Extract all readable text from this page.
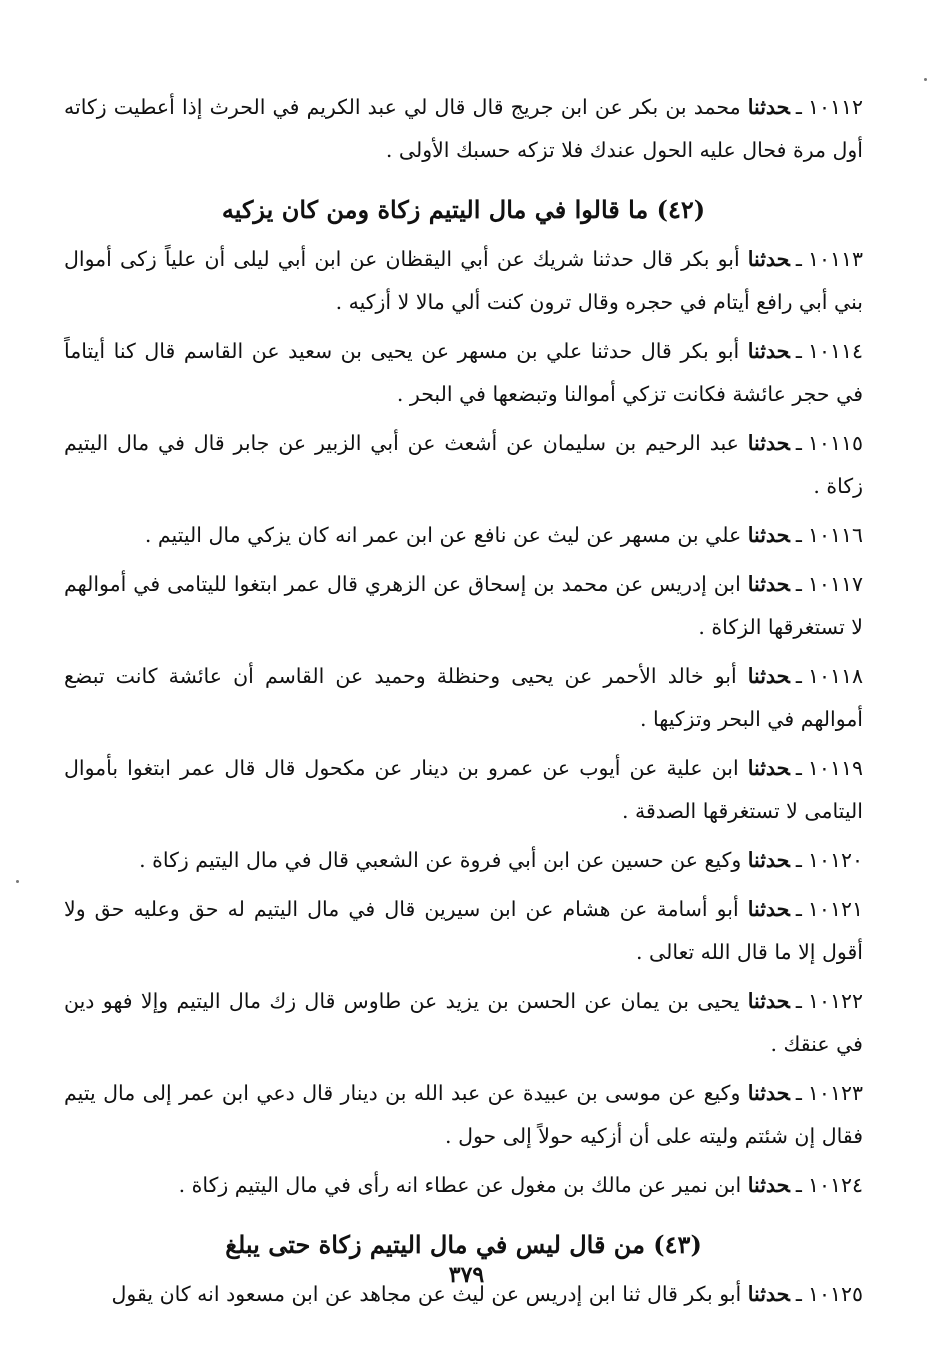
١٠١١٢ـحدثنا محمد بن بكر عن ابن جريج قال قال لي عبد الكريم في الحرث إذا أعطيت زكاته أول مرة فحال عليه الحول عندك فلا تزكه حسبك الأولى .

(٤٢) ما قالوا في مال اليتيم زكاة ومن كان يزكيه

١٠١١٣ـحدثنا أبو بكر قال حدثنا شريك عن أبي اليقظان عن ابن أبي ليلى أن علياً زكى أموال بني أبي رافع أيتام في حجره وقال ترون كنت ألي مالا لا أزكيه .

١٠١١٤ـحدثنا أبو بكر قال حدثنا علي بن مسهر عن يحيى بن سعيد عن القاسم قال كنا أيتاماً في حجر عائشة فكانت تزكي أموالنا وتبضعها في البحر .

١٠١١٥ـحدثنا عبد الرحيم بن سليمان عن أشعث عن أبي الزبير عن جابر قال في مال اليتيم زكاة .

١٠١١٦ـحدثنا علي بن مسهر عن ليث عن نافع عن ابن عمر انه كان يزكي مال اليتيم .

١٠١١٧ـحدثنا ابن إدريس عن محمد بن إسحاق عن الزهري قال عمر ابتغوا لليتامى في أموالهم لا تستغرقها الزكاة .

١٠١١٨ـحدثنا أبو خالد الأحمر عن يحيى وحنظلة وحميد عن القاسم أن عائشة كانت تبضع أموالهم في البحر وتزكيها .

١٠١١٩ـحدثنا ابن علية عن أيوب عن عمرو بن دينار عن مكحول قال قال عمر ابتغوا بأموال اليتامى لا تستغرقها الصدقة .

١٠١٢٠ـحدثنا وكيع عن حسين عن ابن أبي فروة عن الشعبي قال في مال اليتيم زكاة .

١٠١٢١ـحدثنا أبو أسامة عن هشام عن ابن سيرين قال في مال اليتيم له حق وعليه حق ولا أقول إلا ما قال الله تعالى .

١٠١٢٢ـحدثنا يحيى بن يمان عن الحسن بن يزيد عن طاوس قال زك مال اليتيم وإلا فهو دين في عنقك .

١٠١٢٣ـحدثنا وكيع عن موسى بن عبيدة عن عبد الله بن دينار قال دعي ابن عمر إلى مال يتيم فقال إن شئتم وليته على أن أزكيه حولاً إلى حول .

١٠١٢٤ـحدثنا ابن نمير عن مالك بن مغول عن عطاء انه رأى في مال اليتيم زكاة .

(٤٣) من قال ليس في مال اليتيم زكاة حتى يبلغ

١٠١٢٥ـحدثنا أبو بكر قال ثنا ابن إدريس عن ليث عن مجاهد عن ابن مسعود انه كان يقول

٣٧٩
